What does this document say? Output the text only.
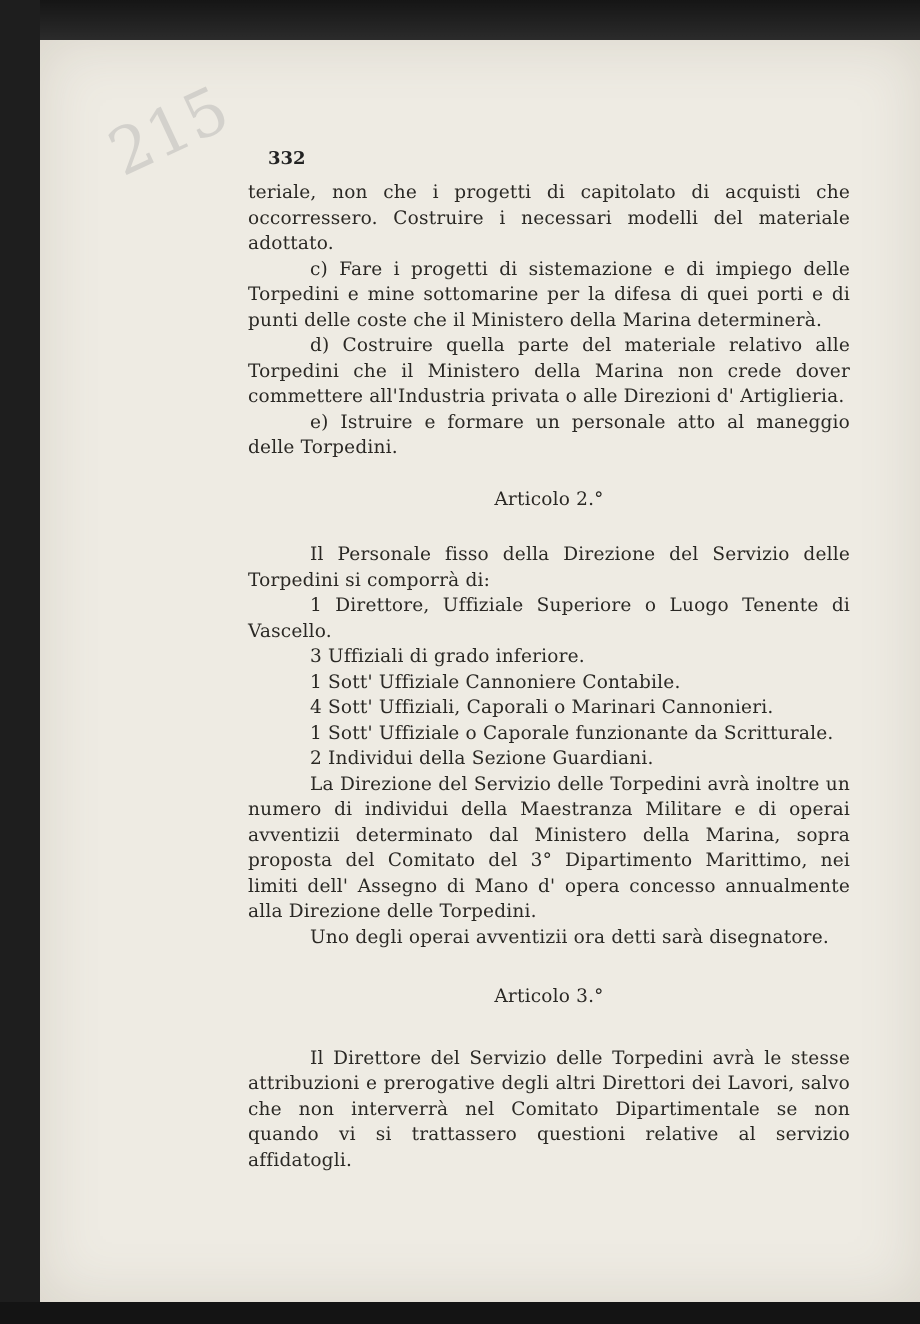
215 332

teriale, non che i progetti di capitolato di acquisti che occorressero. Costruire i necessari modelli del materiale adottato.

c) Fare i progetti di sistemazione e di impiego delle Torpedini e mine sottomarine per la difesa di quei porti e di punti delle coste che il Ministero della Marina determinerà.

d) Costruire quella parte del materiale relativo alle Torpedini che il Ministero della Marina non crede dover commettere all'Industria privata o alle Direzioni d' Artiglieria.

e) Istruire e formare un personale atto al maneggio delle Torpedini.

Articolo 2.°

Il Personale fisso della Direzione del Servizio delle Torpedini si comporrà di:

1 Direttore, Uffiziale Superiore o Luogo Tenente di Vascello.

3 Uffiziali di grado inferiore.

1 Sott' Uffiziale Cannoniere Contabile.

4 Sott' Uffiziali, Caporali o Marinari Cannonieri.

1 Sott' Uffiziale o Caporale funzionante da Scritturale.

2 Individui della Sezione Guardiani.

La Direzione del Servizio delle Torpedini avrà inoltre un numero di individui della Maestranza Militare e di operai avventizii determinato dal Ministero della Marina, sopra proposta del Comitato del 3° Dipartimento Marittimo, nei limiti dell' Assegno di Mano d' opera concesso annualmente alla Direzione delle Torpedini.

Uno degli operai avventizii ora detti sarà disegnatore.

Articolo 3.°

Il Direttore del Servizio delle Torpedini avrà le stesse attribuzioni e prerogative degli altri Direttori dei Lavori, salvo che non interverrà nel Comitato Dipartimentale se non quando vi si trattassero questioni relative al servizio affidatogli.
